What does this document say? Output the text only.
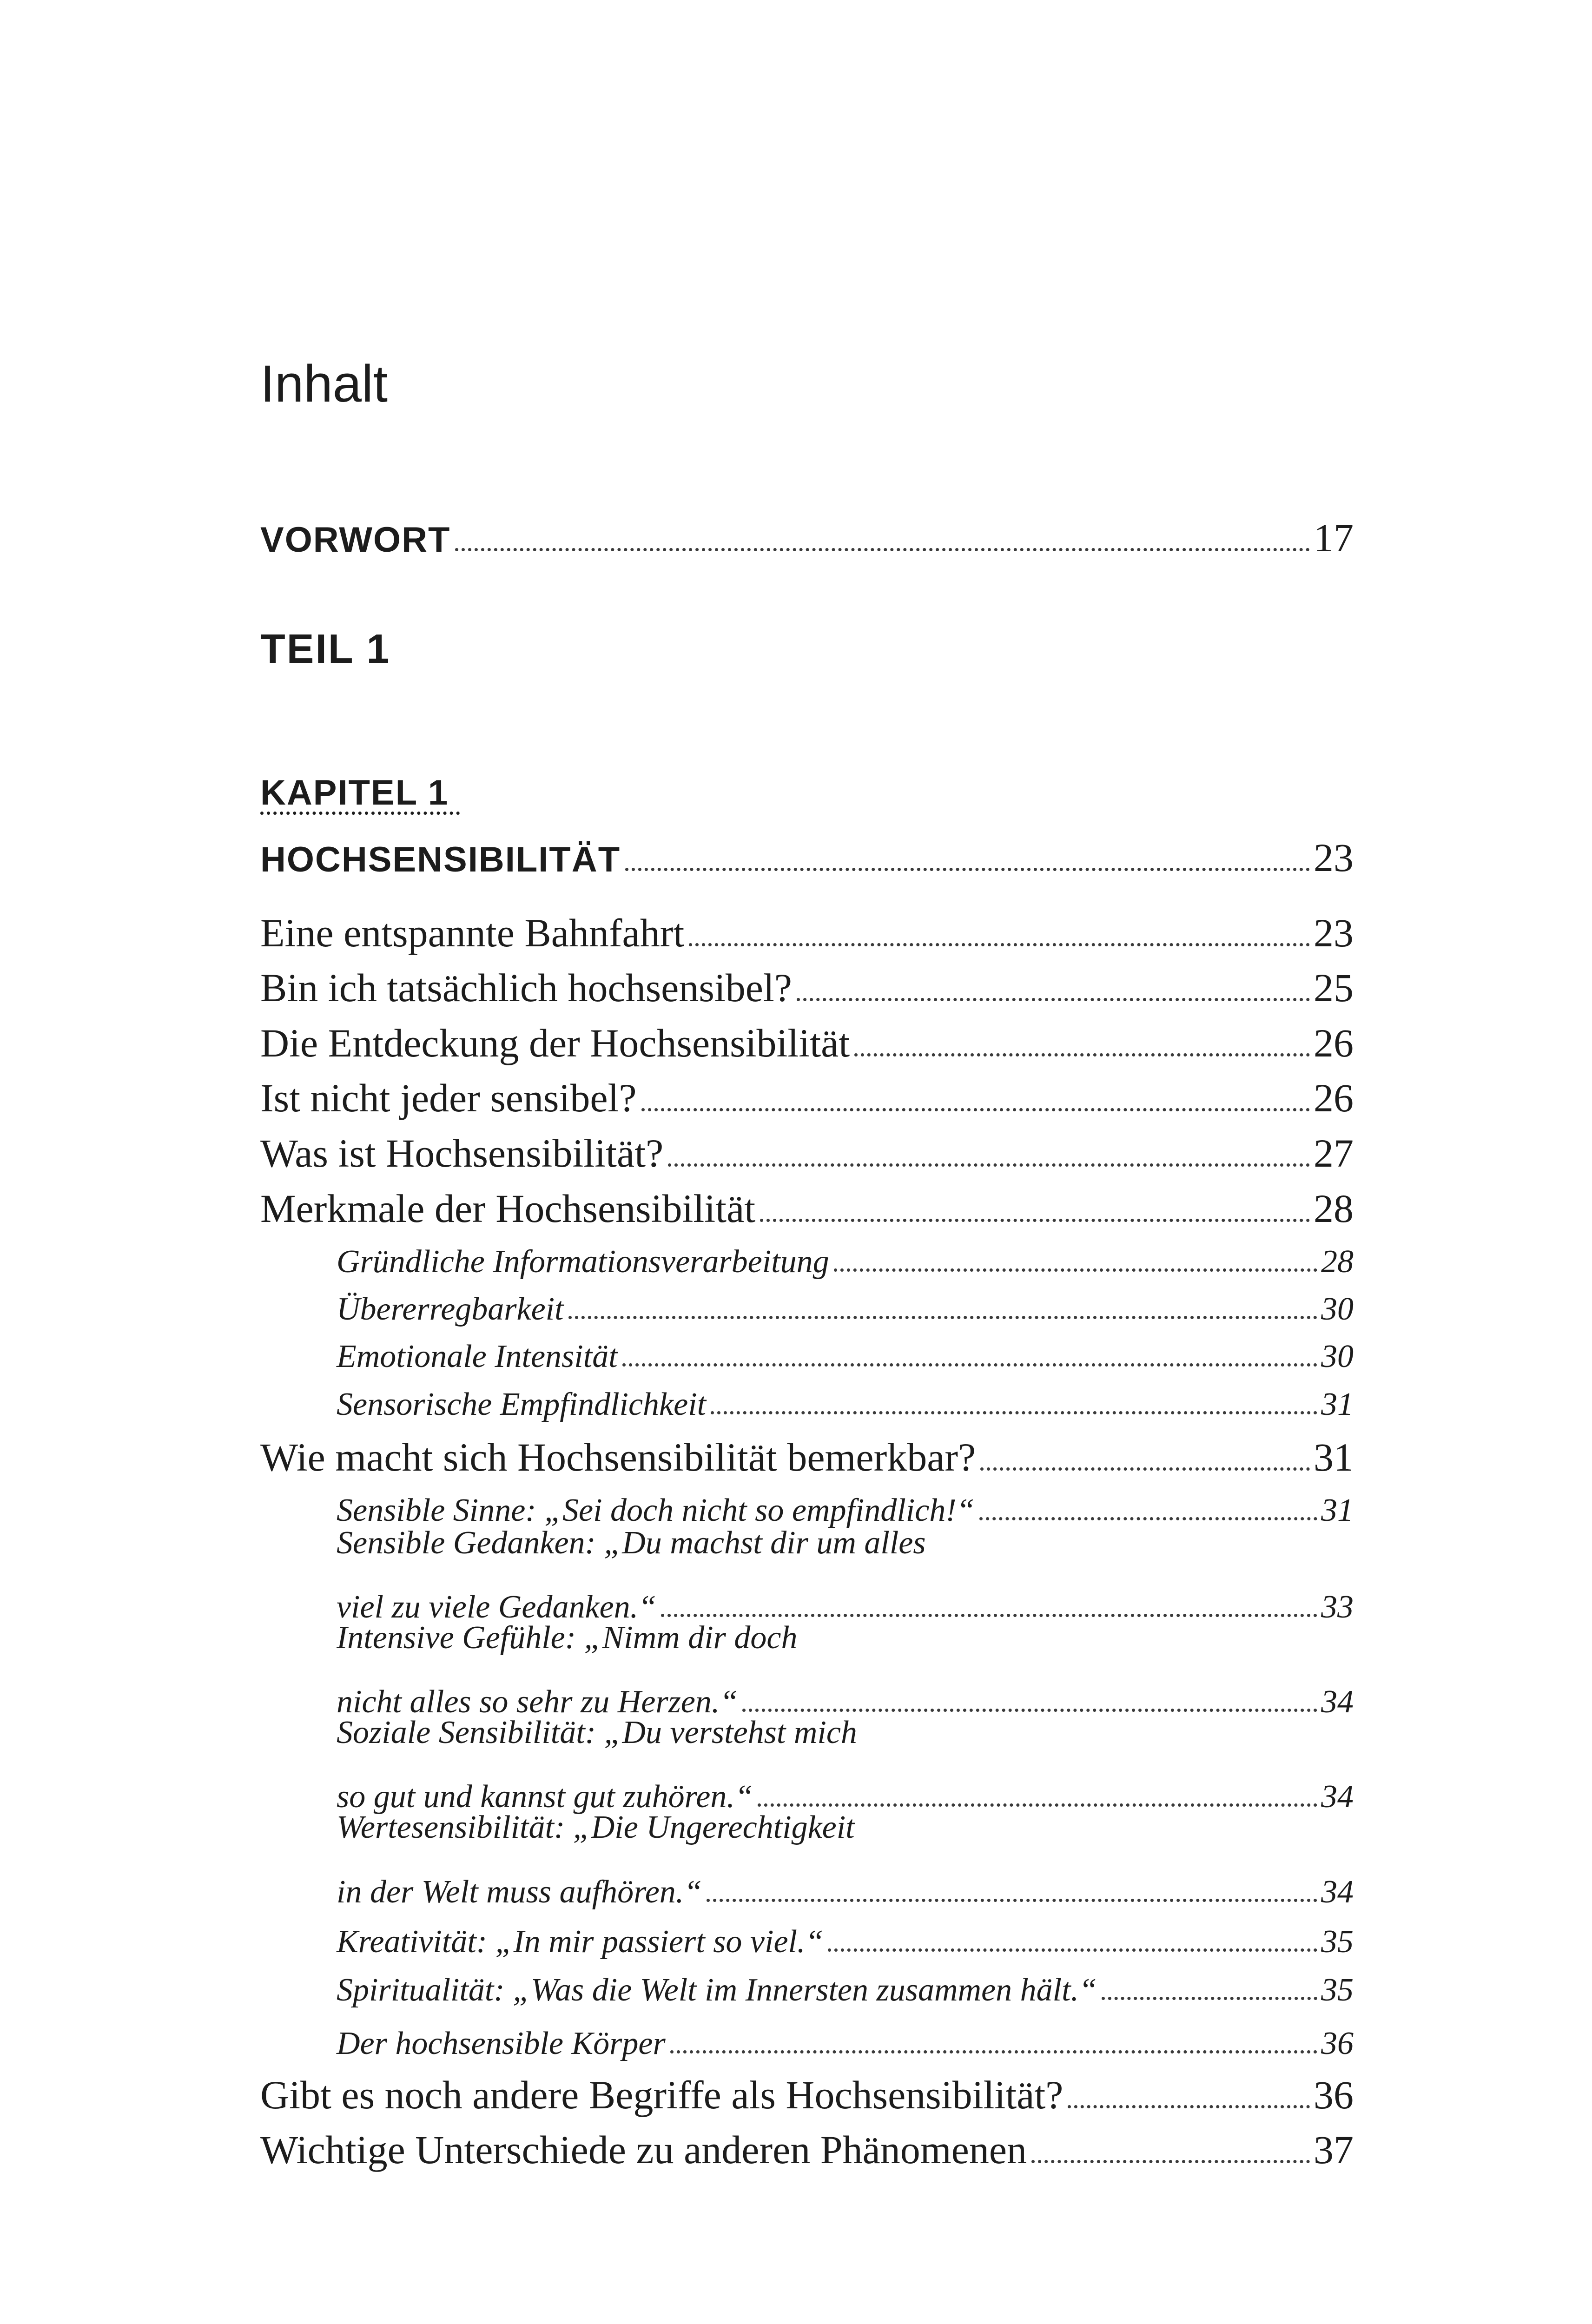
Inhalt
VORWORT	17
TEIL 1
KAPITEL 1
HOCHSENSIBILITÄT	23
Eine entspannte Bahnfahrt	23
Bin ich tatsächlich hochsensibel?	25
Die Entdeckung der Hochsensibilität	26
Ist nicht jeder sensibel?	26
Was ist Hochsensibilität?	27
Merkmale der Hochsensibilität	28
Gründliche Informationsverarbeitung	28
Übererregbarkeit	30
Emotionale Intensität	30
Sensorische Empfindlichkeit	31
Wie macht sich Hochsensibilität bemerkbar?	31
Sensible Sinne: „Sei doch nicht so empfindlich!“	31
Sensible Gedanken: „Du machst dir um alles
viel zu viele Gedanken.“	33
Intensive Gefühle: „Nimm dir doch
nicht alles so sehr zu Herzen.“	34
Soziale Sensibilität: „Du verstehst mich
so gut und kannst gut zuhören.“	34
Wertesensibilität: „Die Ungerechtigkeit
in der Welt muss aufhören.“	34
Kreativität: „In mir passiert so viel.“	35
Spiritualität: „Was die Welt im Innersten zusammen hält.“	35
Der hochsensible Körper	36
Gibt es noch andere Begriffe als Hochsensibilität?	36
Wichtige Unterschiede zu anderen Phänomenen	37
